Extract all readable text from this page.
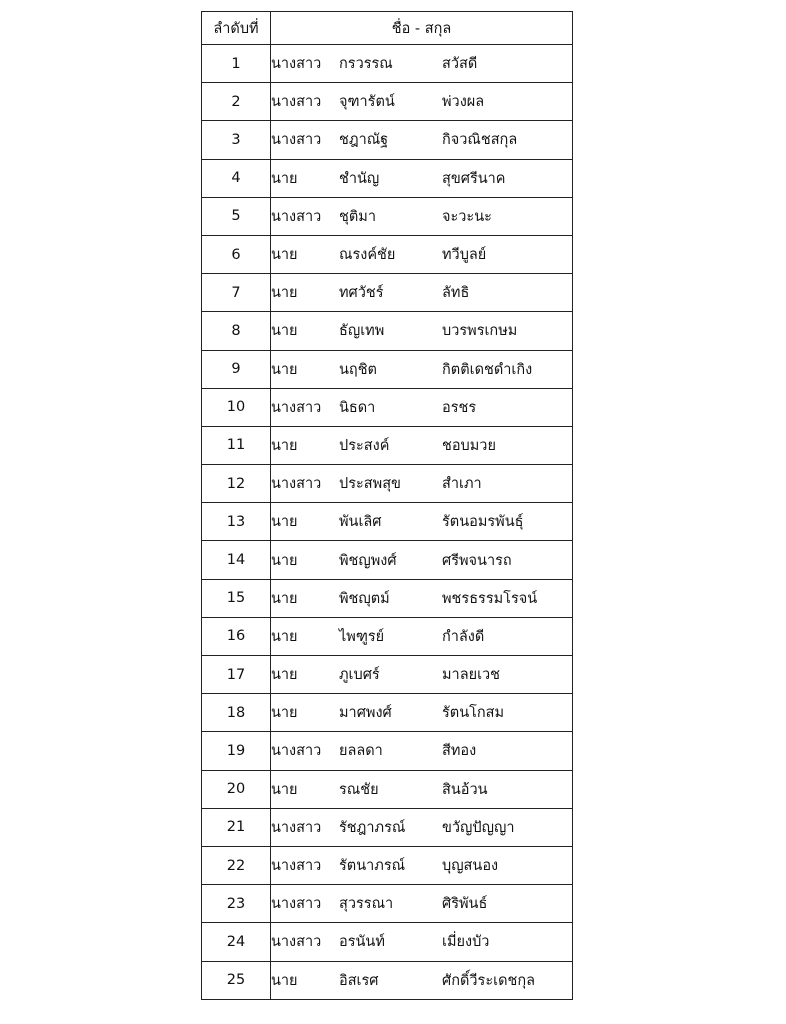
ลำดับที่	ชื่อ - สกุล
1	นางสาว กรวรรณ สวัสดี
2	นางสาว จุฑารัตน์ พ่วงผล
3	นางสาว ชฎาณัฐ กิจวณิชสกุล
4	นาย ชำนัญ สุขศรีนาค
5	นางสาว ชุติมา จะวะนะ
6	นาย ณรงค์ชัย ทวีบูลย์
7	นาย ทศวัชร์ ลัทธิ
8	นาย ธัญเทพ บวรพรเกษม
9	นาย นฤชิต กิตติเดชดำเกิง
10	นางสาว นิธดา อรชร
11	นาย ประสงค์ ชอบมวย
12	นางสาว ประสพสุข สำเภา
13	นาย พันเลิศ รัตนอมรพันธุ์
14	นาย พิชญพงศ์ ศรีพจนารถ
15	นาย พิชญุตม์ พชรธรรมโรจน์
16	นาย ไพฑูรย์ กำลังดี
17	นาย ภูเบศร์ มาลยเวช
18	นาย มาศพงศ์ รัตนโกสม
19	นางสาว ยลลดา สีทอง
20	นาย รณชัย สินอ้วน
21	นางสาว รัชฎาภรณ์ ขวัญปัญญา
22	นางสาว รัตนาภรณ์ บุญสนอง
23	นางสาว สุวรรณา ศิริพันธ์
24	นางสาว อรนันท์ เมี่ยงบัว
25	นาย อิสเรศ ศักดิ์วีระเดชกุล
